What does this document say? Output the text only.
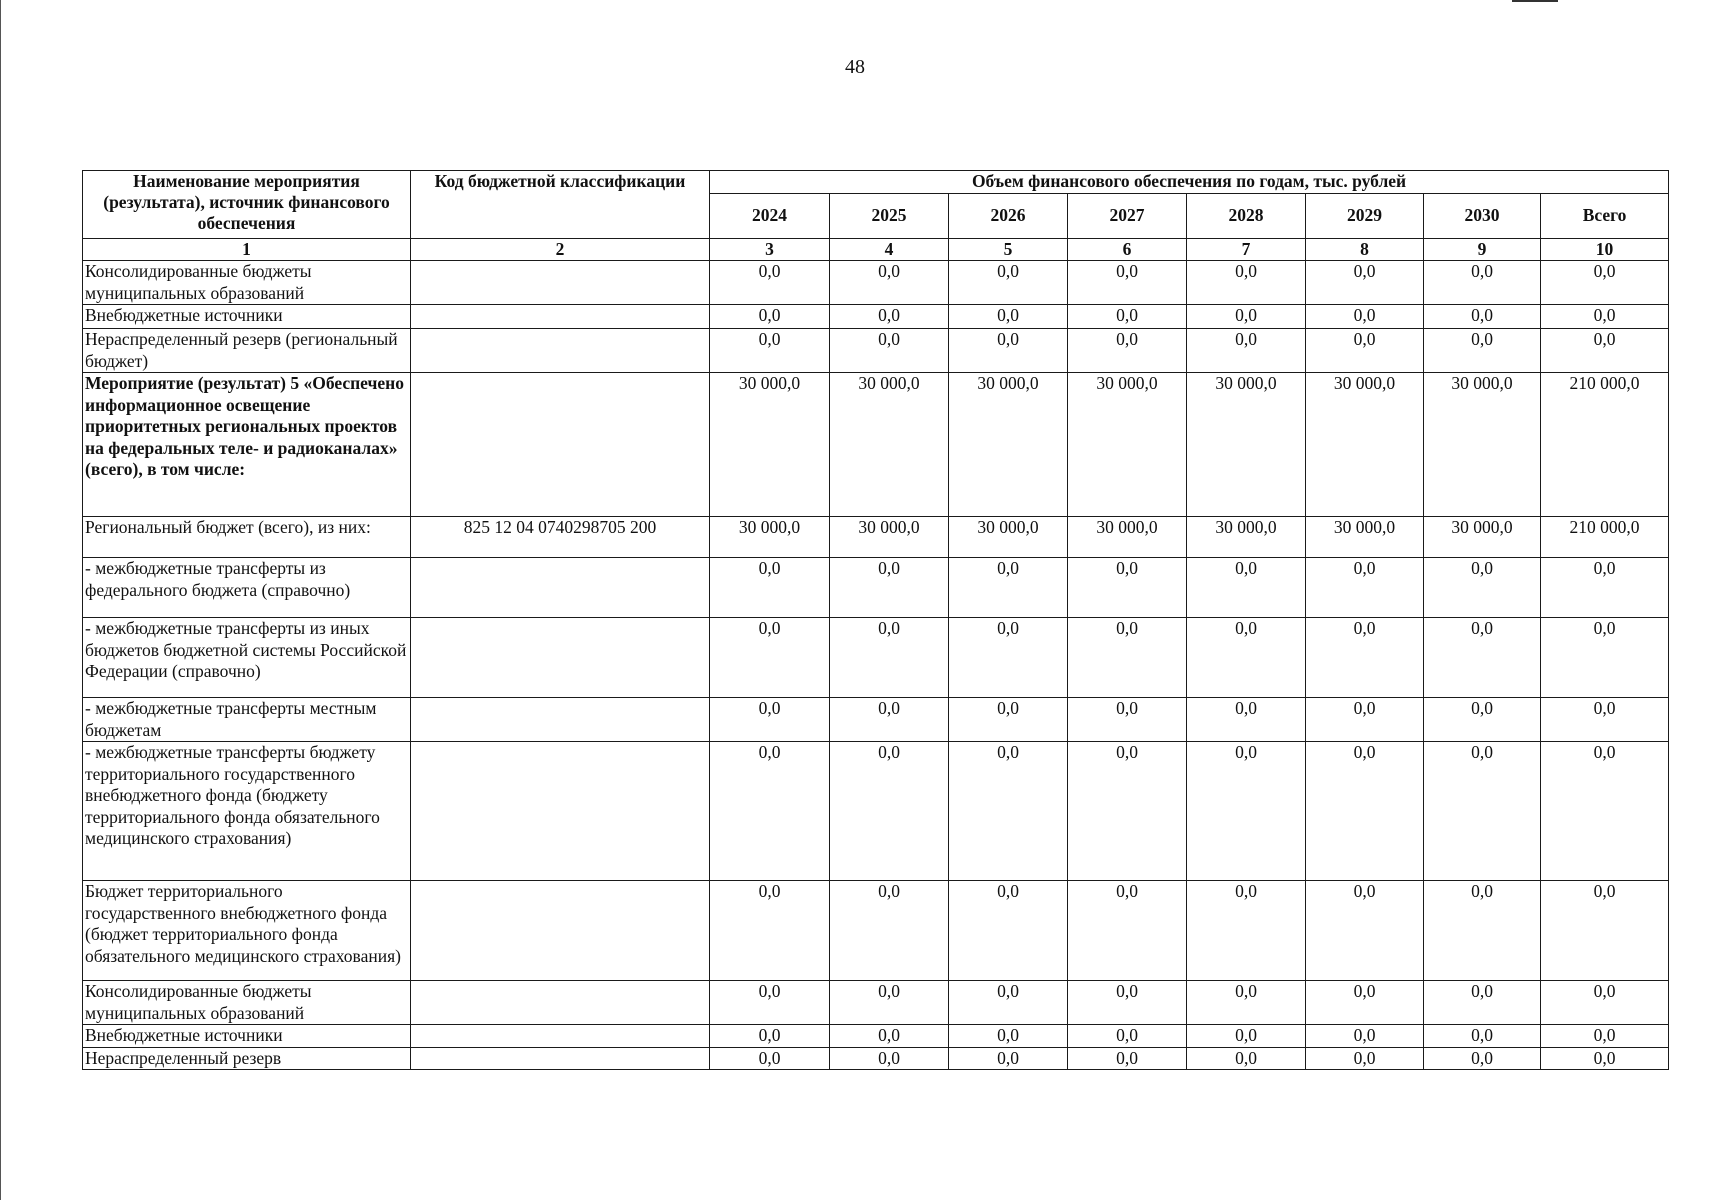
48
Наименование мероприятия (результата), источник финансового обеспечения	Код бюджетной классификации	Объем финансового обеспечения по годам, тыс. рублей							
		2024	2025	2026	2027	2028	2029	2030	Всего
1	2	3	4	5	6	7	8	9	10
Консолидированные бюджеты муниципальных образований		0,0	0,0	0,0	0,0	0,0	0,0	0,0	0,0
Внебюджетные источники		0,0	0,0	0,0	0,0	0,0	0,0	0,0	0,0
Нераспределенный резерв (региональный бюджет)		0,0	0,0	0,0	0,0	0,0	0,0	0,0	0,0
Мероприятие (результат) 5 «Обеспечено информационное освещение приоритетных региональных проектов на федеральных теле- и радиоканалах» (всего), в том числе:		30 000,0	30 000,0	30 000,0	30 000,0	30 000,0	30 000,0	30 000,0	210 000,0
Региональный бюджет (всего), из них:	825 12 04 0740298705 200	30 000,0	30 000,0	30 000,0	30 000,0	30 000,0	30 000,0	30 000,0	210 000,0
- межбюджетные трансферты из федерального бюджета (справочно)		0,0	0,0	0,0	0,0	0,0	0,0	0,0	0,0
- межбюджетные трансферты из иных бюджетов бюджетной системы Российской Федерации (справочно)		0,0	0,0	0,0	0,0	0,0	0,0	0,0	0,0
- межбюджетные трансферты местным бюджетам		0,0	0,0	0,0	0,0	0,0	0,0	0,0	0,0
- межбюджетные трансферты бюджету территориального государственного внебюджетного фонда (бюджету территориального фонда обязательного медицинского страхования)		0,0	0,0	0,0	0,0	0,0	0,0	0,0	0,0
Бюджет территориального государственного внебюджетного фонда (бюджет территориального фонда обязательного медицинского страхования)		0,0	0,0	0,0	0,0	0,0	0,0	0,0	0,0
Консолидированные бюджеты муниципальных образований		0,0	0,0	0,0	0,0	0,0	0,0	0,0	0,0
Внебюджетные источники		0,0	0,0	0,0	0,0	0,0	0,0	0,0	0,0
Нераспределенный резерв		0,0	0,0	0,0	0,0	0,0	0,0	0,0	0,0
